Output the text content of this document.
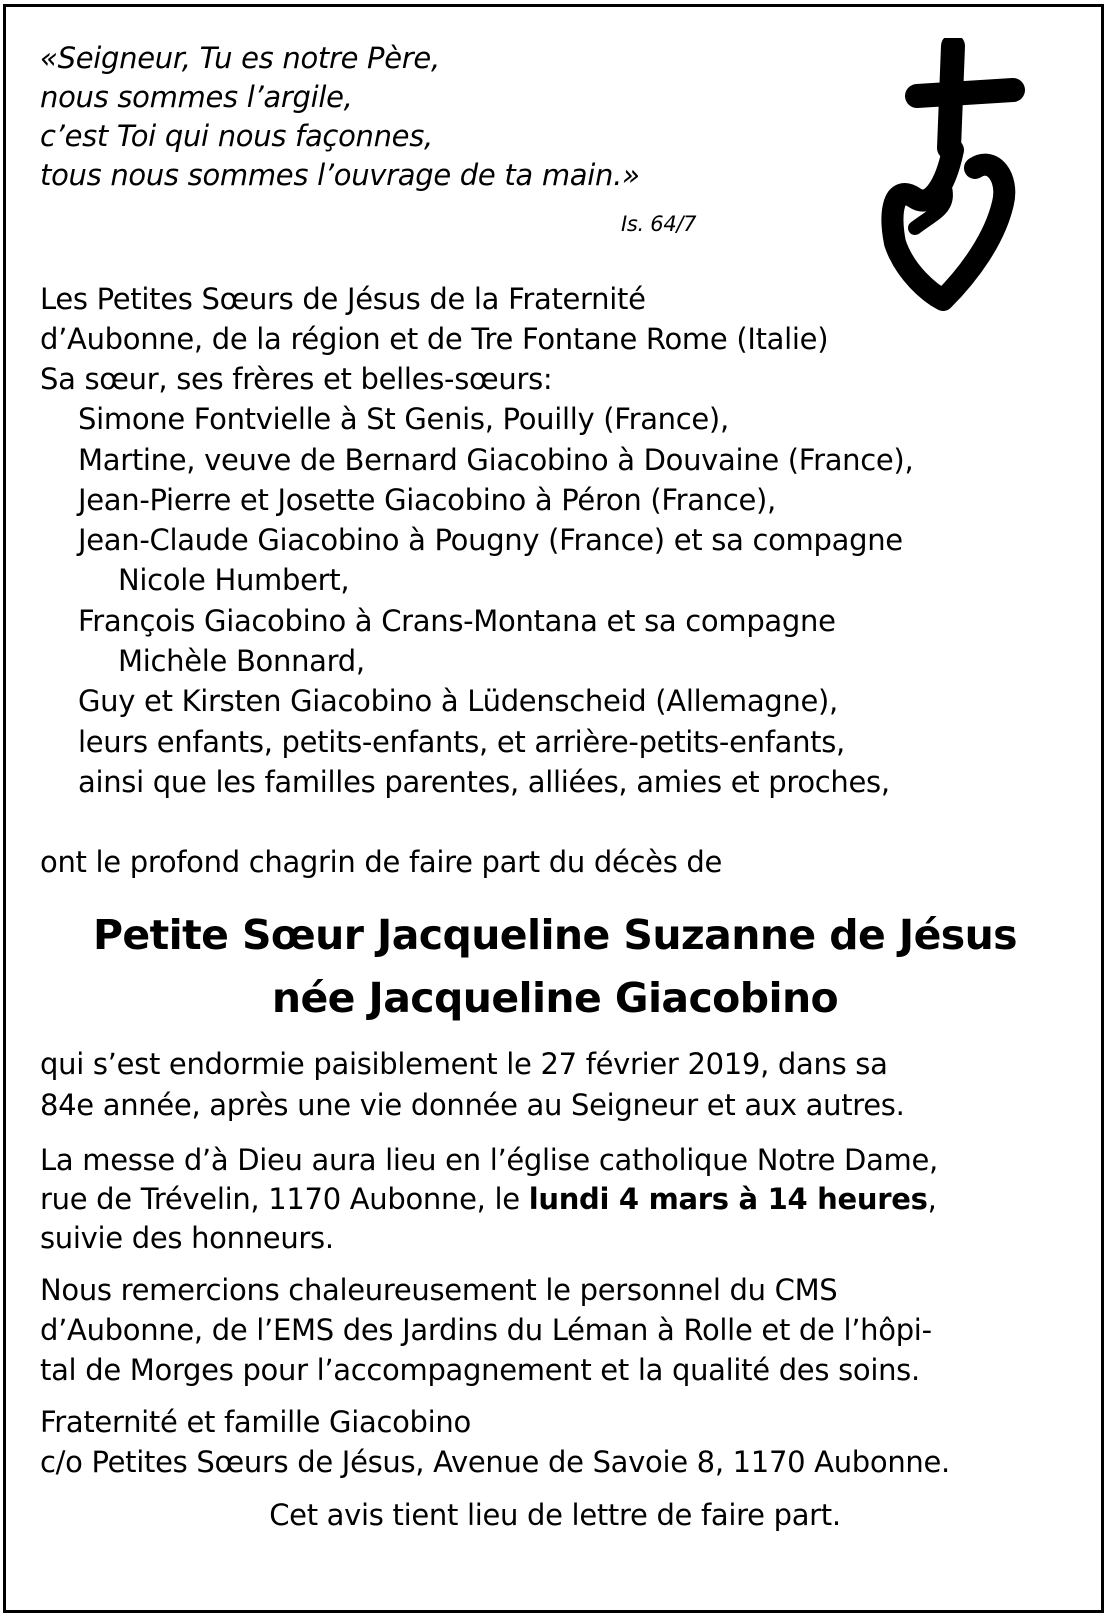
«Seigneur, Tu es notre Père,
nous sommes l’argile,
c’est Toi qui nous façonnes,
tous nous sommes l’ouvrage de ta main.»
Is. 64/7
Les Petites Sœurs de Jésus de la Fraternité
d’Aubonne, de la région et de Tre Fontane Rome (Italie)
Sa sœur, ses frères et belles-sœurs:
Simone Fontvielle à St Genis, Pouilly (France),
Martine, veuve de Bernard Giacobino à Douvaine (France),
Jean-Pierre et Josette Giacobino à Péron (France),
Jean-Claude Giacobino à Pougny (France) et sa compagne
Nicole Humbert,
François Giacobino à Crans-Montana et sa compagne
Michèle Bonnard,
Guy et Kirsten Giacobino à Lüdenscheid (Allemagne),
leurs enfants, petits-enfants, et arrière-petits-enfants,
ainsi que les familles parentes, alliées, amies et proches,
ont le profond chagrin de faire part du décès de
Petite Sœur Jacqueline Suzanne de Jésus
née Jacqueline Giacobino
qui s’est endormie paisiblement le 27 février 2019, dans sa
84e année, après une vie donnée au Seigneur et aux autres.
La messe d’à Dieu aura lieu en l’église catholique Notre Dame,
rue de Trévelin, 1170 Aubonne, le lundi 4 mars à 14 heures,
suivie des honneurs.
Nous remercions chaleureusement le personnel du CMS
d’Aubonne, de l’EMS des Jardins du Léman à Rolle et de l’hôpi-
tal de Morges pour l’accompagnement et la qualité des soins.
Fraternité et famille Giacobino
c/o Petites Sœurs de Jésus, Avenue de Savoie 8, 1170 Aubonne.
Cet avis tient lieu de lettre de faire part.
